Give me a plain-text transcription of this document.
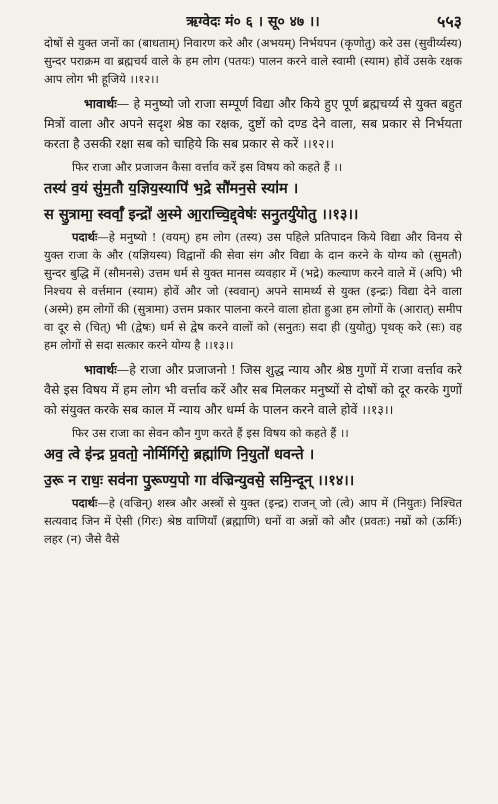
ऋग्वेदः मं० ६ । सू० ४७ ।।	५५३

दोषों से युक्त जनों का (बाधताम्) निवारण करे और (अभयम्) निर्भयपन (कृणोतु) करे उस (सुवीर्य्यस्य) सुन्दर पराक्रम वा ब्रह्मचर्य वाले के हम लोग (पतयः) पालन करने वाले स्वामी (स्याम) होवें उसके रक्षक आप लोग भी हूजिये ।।१२।।

भावार्थः— हे मनुष्यो जो राजा सम्पूर्ण विद्या और किये हुए पूर्ण ब्रह्मचर्य्य से युक्त बहुत मित्रों वाला और अपने सदृश श्रेष्ठ का रक्षक, दुष्टों को दण्ड देने वाला, सब प्रकार से निर्भयता करता है उसकी रक्षा सब को चाहिये कि सब प्रकार से करें ।।१२।।

फिर राजा और प्रजाजन कैसा वर्त्ताव करें इस विषय को कहते हैं ।।

तस्य॑ व॒यं सु॑म॒तौ य॒ज्ञिय॒स्यापि॑ भ॒द्रे सौ॑मन॒से स्या॑म ।
स सु॒त्रामा॒ स्वर्वाँ॒ इन्द्रो॑ अ॒स्मे आ॒राच्चि॒द्द्वेषः॑ सनु॒तर्यु॑योतु ।।१३।।

पदार्थः—हे मनुष्यो ! (वयम्) हम लोग (तस्य) उस पहिले प्रतिपादन किये विद्या और विनय से युक्त राजा के और (यज्ञियस्य) विद्वानों की सेवा संग और विद्या के दान करने के योग्य को (सुमतौ) सुन्दर बुद्धि में (सौमनसे) उत्तम धर्म से युक्त मानस व्यवहार में (भद्रे) कल्याण करने वाले में (अपि) भी निश्चय से वर्त्तमान (स्याम) होवें और जो (स्ववान्) अपने सामर्थ्य से युक्त (इन्द्रः) विद्या देने वाला (अस्मे) हम लोगों की (सुत्रामा) उत्तम प्रकार पालना करने वाला होता हुआ हम लोगों के (आरात्) समीप वा दूर से (चित्) भी (द्वेषः) धर्म से द्वेष करने वालों को (सनुतः) सदा ही (युयोतु) पृथक् करे (सः) वह हम लोगों से सदा सत्कार करने योग्य है ।।१३।।

भावार्थः—हे राजा और प्रजाजनो ! जिस शुद्ध न्याय और श्रेष्ठ गुणों में राजा वर्त्ताव करे वैसे इस विषय में हम लोग भी वर्त्ताव करें और सब मिलकर मनुष्यों से दोषों को दूर करके गुणों को संयुक्त करके सब काल में न्याय और धर्म्म के पालन करने वाले होवें ।।१३।।

फिर उस राजा का सेवन कौन गुण करते हैं इस विषय को कहते हैं ।।

अव॒ त्वे इ॑न्द्र प्र॒वतो॒ नोर्मिर्गिरो॒ ब्रह्मा॑णि नि॒युतो॑ धवन्ते ।
उ॒रू न राधः॒ सव॑ना पु॒रूण्य॒पो गा व॑ज्रिन्युवसे॒ समि॒न्दून् ।।१४।।

पदार्थः—हे (वज्रिन्) शस्त्र और अस्त्रों से युक्त (इन्द्र) राजन् जो (त्वे) आप में (नियुतः) निश्चित सत्यवाद जिन में ऐसी (गिरः) श्रेष्ठ वाणियाँ (ब्रह्माणि) धनों वा अन्नों को और (प्रवतः) नम्रों को (ऊर्मिः) लहर (न) जैसे वैसे
